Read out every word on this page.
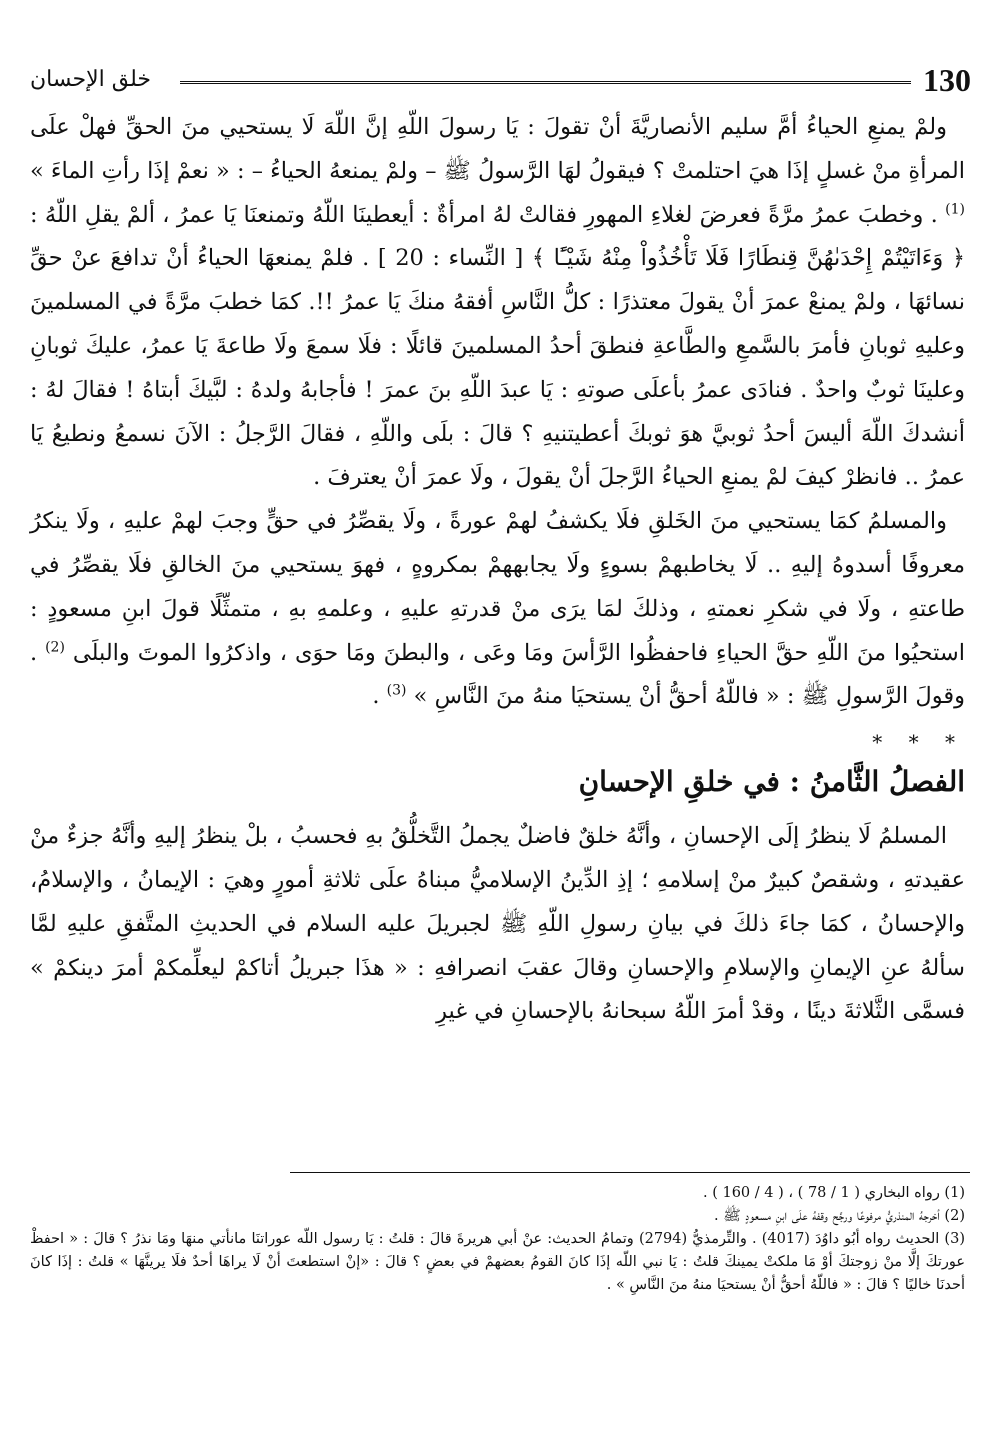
130
خلق الإحسان

ولمْ يمنعِ الحياءُ أمَّ سليم الأنصاريَّةَ أنْ تقولَ : يَا رسولَ اللّهِ إنَّ اللّهَ لَا يستحيي منَ الحقِّ فهلْ علَى المرأةِ منْ غسلٍ إذَا هيَ احتلمتْ ؟ فيقولُ لهَا الرَّسولُ ﷺ – ولمْ يمنعهُ الحياءُ – : « نعمْ إذَا رأتِ الماءَ » $^{(1)}$ . وخطبَ عمرُ مرَّةً فعرضَ لغلاءِ المهورِ فقالتْ لهُ امرأةٌ : أيعطينَا اللّهُ وتمنعنَا يَا عمرُ ، ألمْ يقلِ اللّهُ : ﴿ وَءَاتَيْتُمْ إِحْدَىٰهُنَّ قِنطَارًا فَلَا تَأْخُذُواْ مِنْهُ شَيْـًٔا ﴾ [ النِّساء : 20 ] . فلمْ يمنعهَا الحياءُ أنْ تدافعَ عنْ حقِّ نسائهَا ، ولمْ يمنعْ عمرَ أنْ يقولَ معتذرًا : كلُّ النَّاسِ أفقهُ منكَ يَا عمرُ !!. كمَا خطبَ مرَّةً في المسلمينَ وعليهِ ثوبانِ فأمرَ بالسَّمعِ والطَّاعةِ فنطقَ أحدُ المسلمينَ قائلًا : فلَا سمعَ ولَا طاعةَ يَا عمرُ، عليكَ ثوبانِ وعلينَا ثوبٌ واحدٌ . فنادَى عمرُ بأعلَى صوتهِ : يَا عبدَ اللّهِ بنَ عمرَ ! فأجابهُ ولدهُ : لبَّيكَ أبتاهُ ! فقالَ لهُ : أنشدكَ اللّهَ أليسَ أحدُ ثوبيَّ هوَ ثوبكَ أعطيتنيهِ ؟ قالَ : بلَى واللّهِ ، فقالَ الرَّجلُ : الآنَ نسمعُ ونطيعُ يَا عمرُ .. فانظرْ كيفَ لمْ يمنعِ الحياءُ الرَّجلَ أنْ يقولَ ، ولَا عمرَ أنْ يعترفَ .

والمسلمُ كمَا يستحيي منَ الخَلقِ فلَا يكشفُ لهمْ عورةً ، ولَا يقصِّرُ في حقٍّ وجبَ لهمْ عليهِ ، ولَا ينكرُ معروفًا أسدوهُ إليهِ .. لَا يخاطبهمْ بسوءٍ ولَا يجابههمْ بمكروهٍ ، فهوَ يستحيي منَ الخالقِ فلَا يقصِّرُ في طاعتهِ ، ولَا في شكرِ نعمتهِ ، وذلكَ لمَا يرَى منْ قدرتهِ عليهِ ، وعلمهِ بهِ ، متمثِّلًا قولَ ابنِ مسعودٍ : استحيُوا منَ اللّهِ حقَّ الحياءِ فاحفظُوا الرَّأسَ ومَا وعَى ، والبطنَ ومَا حوَى ، واذكرُوا الموتَ والبلَى $^{(2)}$ . وقولَ الرَّسولِ ﷺ : « فاللّهُ أحقُّ أنْ يستحيَا منهُ منَ النَّاسِ » $^{(3)}$ .

* * *
الفصلُ الثَّامنُ : في خلقِ الإحسانِ

المسلمُ لَا ينظرُ إلَى الإحسانِ ، وأنَّهُ خلقٌ فاضلٌ يجملُ التَّخلُّقُ بهِ فحسبُ ، بلْ ينظرُ إليهِ وأنَّهُ جزءٌ منْ عقيدتهِ ، وشقصٌ كبيرٌ منْ إسلامهِ ؛ إذِ الدِّينُ الإسلاميُّ مبناهُ علَى ثلاثةِ أمورٍ وهيَ : الإيمانُ ، والإسلامُ، والإحسانُ ، كمَا جاءَ ذلكَ في بيانِ رسولِ اللّهِ ﷺ لجبريلَ عليه السلام في الحديثِ المتَّفقِ عليهِ لمَّا سألهُ عنِ الإيمانِ والإسلامِ والإحسانِ وقالَ عقبَ انصرافهِ : « هذَا جبريلُ أتاكمْ ليعلِّمكمْ أمرَ دينكمْ » فسمَّى الثَّلاثةَ دينًا ، وقدْ أمرَ اللّهُ سبحانهُ بالإحسانِ في غيرِ

(1) رواه البخاري ( 1 / 78 ) ، ( 4 / 160 ) .

(2) أخرجهُ المنذريُّ مرفوعًا ورجَّح وقفهُ علَى ابنِ مسعودٍ ﷺ .

(3) الحديث رواه أبُو داوُدَ (4017) . والتِّرمذيُّ (2794) وتمامُ الحديث: عنْ أبي هريرةَ قالَ : قلتُ : يَا رسول اللّه عوراتنَا مانأتي منهَا ومَا نذرُ ؟ قالَ : « احفظْ عورتكَ إلَّا منْ زوجتكَ أوْ مَا ملكتْ يمينكَ قلتُ : يَا نبي اللّه إذَا كانَ القومُ بعضهمْ في بعضٍ ؟ قالَ : «إنْ استطعتَ أنْ لَا يراهَا أحدٌ فلَا يرينَّهَا » قلتُ : إذَا كانَ أحدنَا خاليًا ؟ قالَ : « فاللّهُ أحقُّ أنْ يستحيَا منهُ منَ النَّاسِ » .
